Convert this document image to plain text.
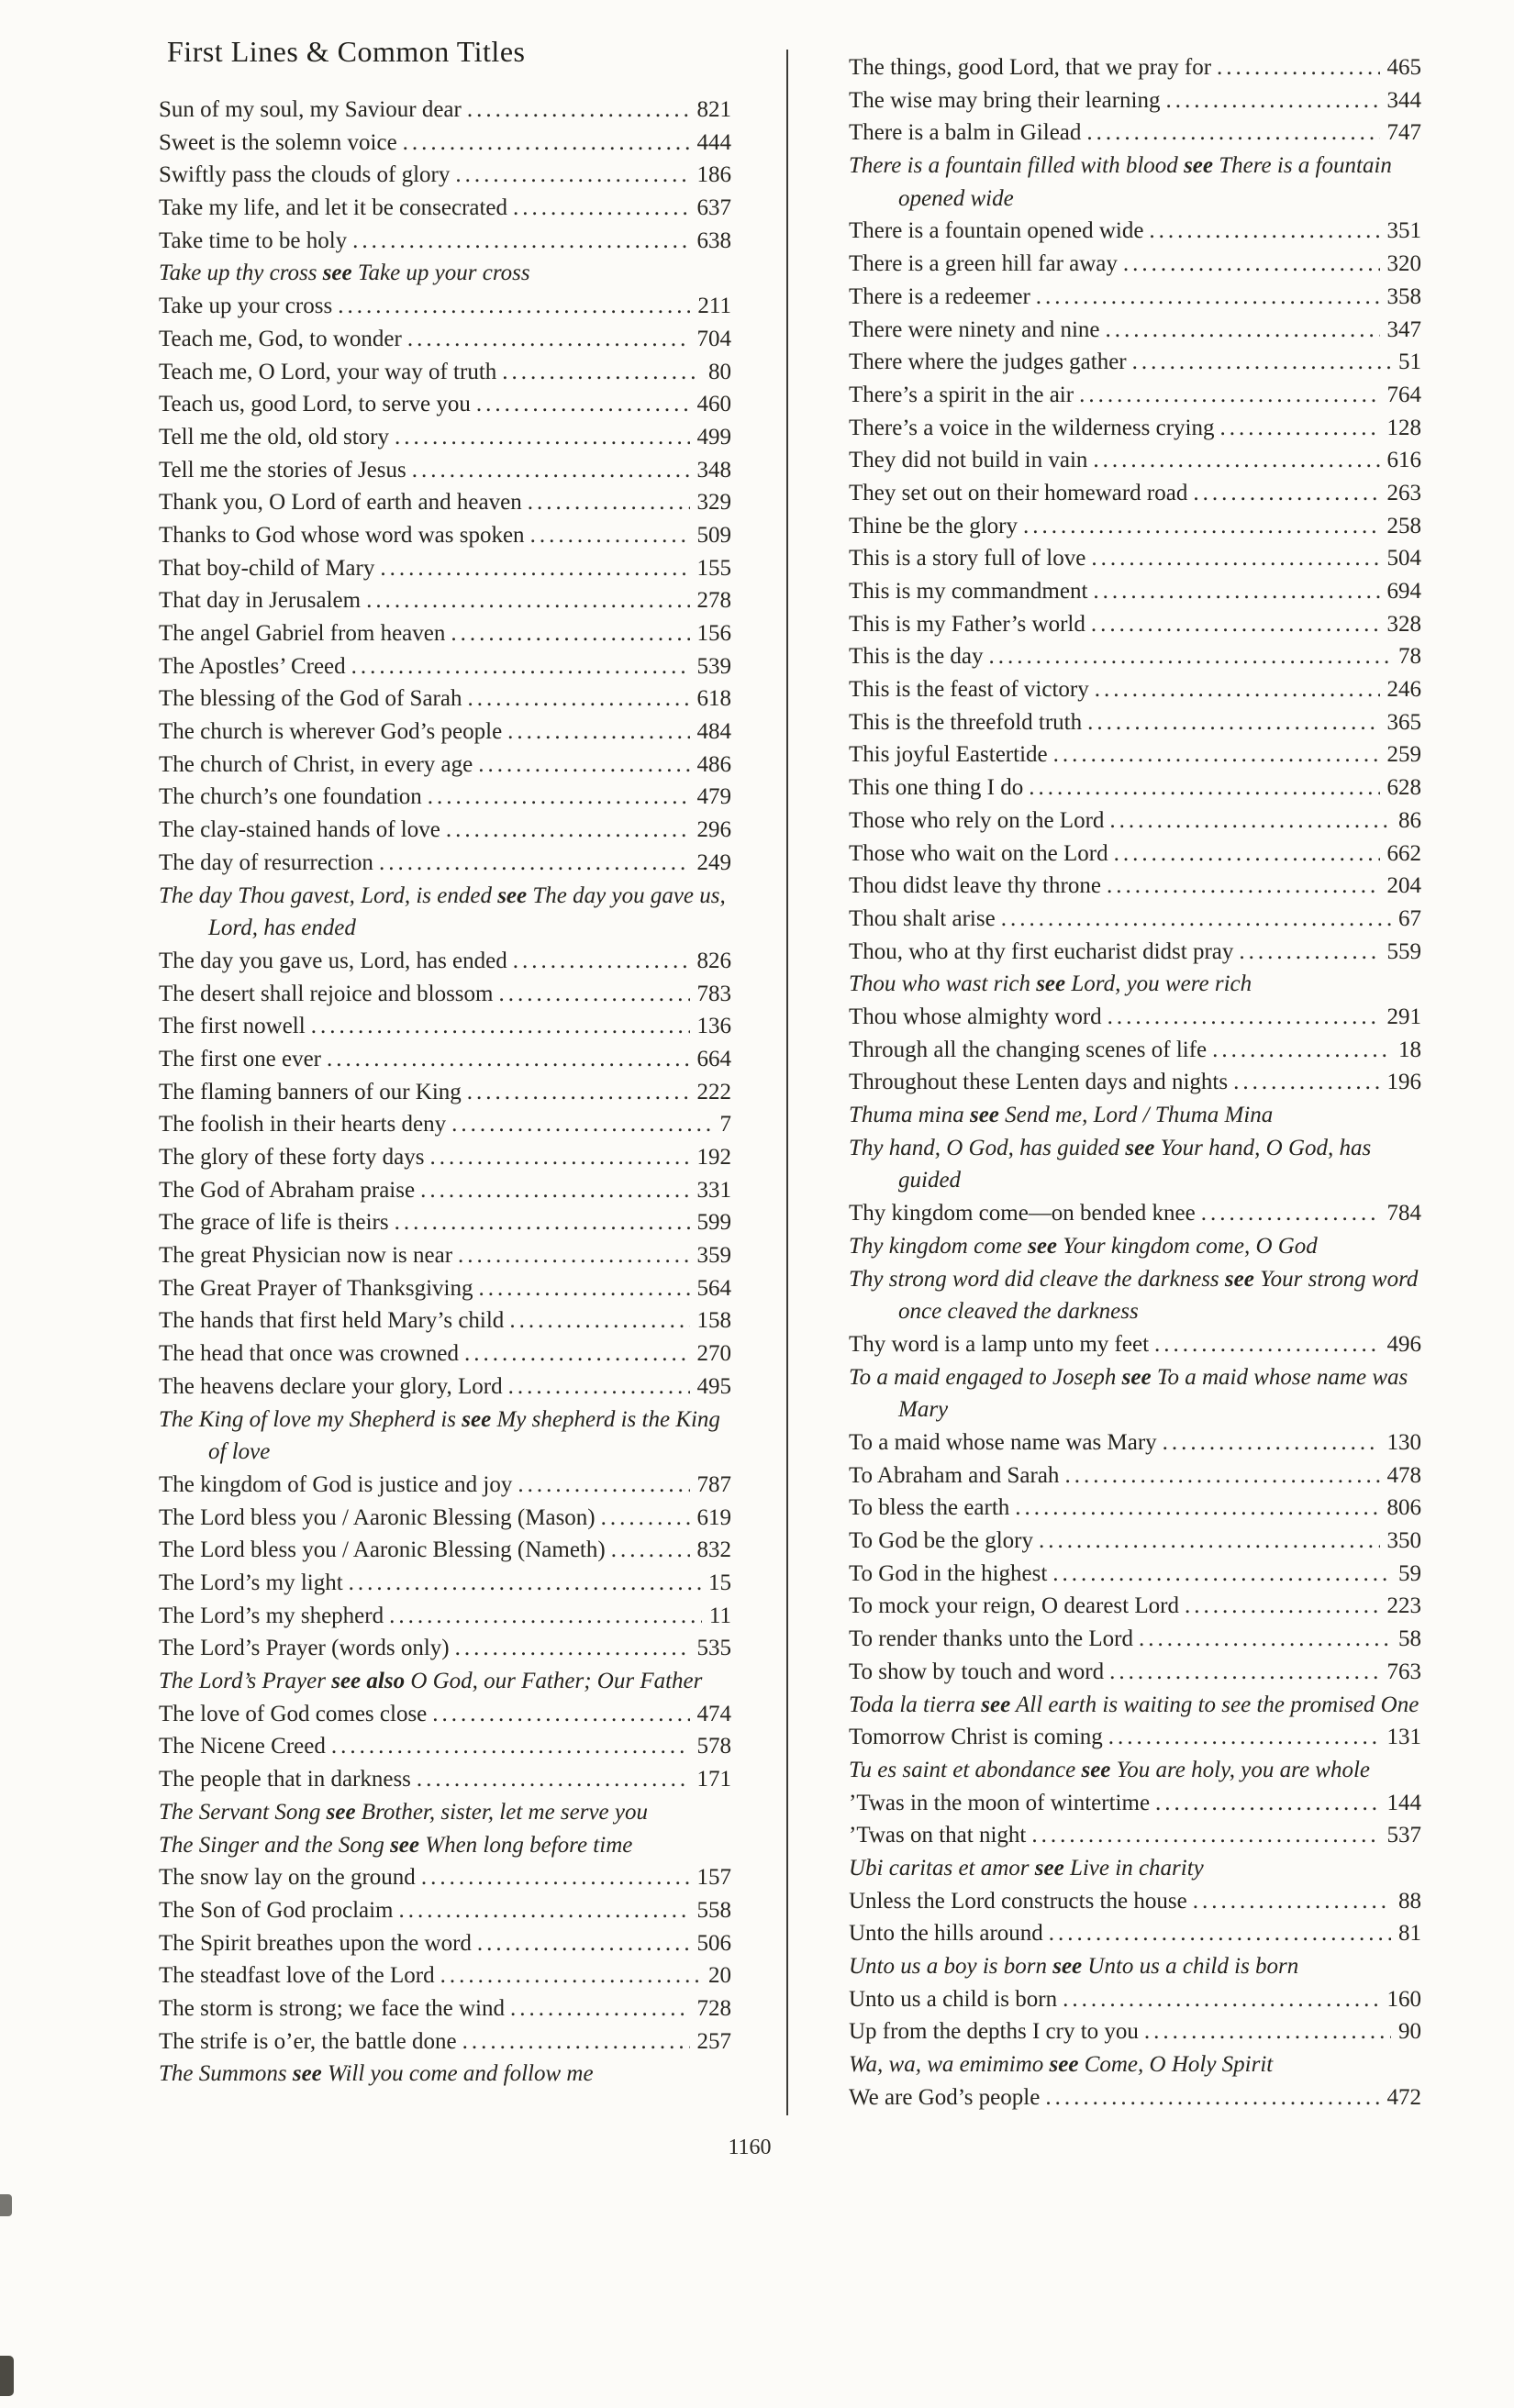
First Lines & Common Titles
Sun of my soul, my Saviour dear .....	821
Sweet is the solemn voice .....	444
Swiftly pass the clouds of glory .....	186
Take my life, and let it be consecrated .....	637
Take time to be holy .....	638
Take up thy cross see Take up your cross
Take up your cross .....	211
Teach me, God, to wonder .....	704
Teach me, O Lord, your way of truth .....	80
Teach us, good Lord, to serve you .....	460
Tell me the old, old story .....	499
Tell me the stories of Jesus .....	348
Thank you, O Lord of earth and heaven .....	329
Thanks to God whose word was spoken .....	509
That boy-child of Mary .....	155
That day in Jerusalem .....	278
The angel Gabriel from heaven .....	156
The Apostles’ Creed .....	539
The blessing of the God of Sarah .....	618
The church is wherever God’s people .....	484
The church of Christ, in every age .....	486
The church’s one foundation .....	479
The clay-stained hands of love .....	296
The day of resurrection .....	249
The day Thou gavest, Lord, is ended see The day you gave us, Lord, has ended
The day you gave us, Lord, has ended .....	826
The desert shall rejoice and blossom .....	783
The first nowell .....	136
The first one ever .....	664
The flaming banners of our King .....	222
The foolish in their hearts deny .....	7
The glory of these forty days .....	192
The God of Abraham praise .....	331
The grace of life is theirs .....	599
The great Physician now is near .....	359
The Great Prayer of Thanksgiving .....	564
The hands that first held Mary’s child .....	158
The head that once was crowned .....	270
The heavens declare your glory, Lord .....	495
The King of love my Shepherd is see My shepherd is the King of love
The kingdom of God is justice and joy .....	787
The Lord bless you / Aaronic Blessing (Mason) .....	619
The Lord bless you / Aaronic Blessing (Nameth) .....	832
The Lord’s my light .....	15
The Lord’s my shepherd .....	11
The Lord’s Prayer (words only) .....	535
The Lord’s Prayer see also O God, our Father; Our Father
The love of God comes close .....	474
The Nicene Creed .....	578
The people that in darkness .....	171
The Servant Song see Brother, sister, let me serve you
The Singer and the Song see When long before time
The snow lay on the ground .....	157
The Son of God proclaim .....	558
The Spirit breathes upon the word .....	506
The steadfast love of the Lord .....	20
The storm is strong; we face the wind .....	728
The strife is o’er, the battle done .....	257
The Summons see Will you come and follow me
The things, good Lord, that we pray for .....	465
The wise may bring their learning .....	344
There is a balm in Gilead .....	747
There is a fountain filled with blood see There is a fountain opened wide
There is a fountain opened wide .....	351
There is a green hill far away .....	320
There is a redeemer .....	358
There were ninety and nine .....	347
There where the judges gather .....	51
There’s a spirit in the air .....	764
There’s a voice in the wilderness crying .....	128
They did not build in vain .....	616
They set out on their homeward road .....	263
Thine be the glory .....	258
This is a story full of love .....	504
This is my commandment .....	694
This is my Father’s world .....	328
This is the day .....	78
This is the feast of victory .....	246
This is the threefold truth .....	365
This joyful Eastertide .....	259
This one thing I do .....	628
Those who rely on the Lord .....	86
Those who wait on the Lord .....	662
Thou didst leave thy throne .....	204
Thou shalt arise .....	67
Thou, who at thy first eucharist didst pray .....	559
Thou who wast rich see Lord, you were rich
Thou whose almighty word .....	291
Through all the changing scenes of life .....	18
Throughout these Lenten days and nights .....	196
Thuma mina see Send me, Lord / Thuma Mina
Thy hand, O God, has guided see Your hand, O God, has guided
Thy kingdom come—on bended knee .....	784
Thy kingdom come see Your kingdom come, O God
Thy strong word did cleave the darkness see Your strong word once cleaved the darkness
Thy word is a lamp unto my feet .....	496
To a maid engaged to Joseph see To a maid whose name was Mary
To a maid whose name was Mary .....	130
To Abraham and Sarah .....	478
To bless the earth .....	806
To God be the glory .....	350
To God in the highest .....	59
To mock your reign, O dearest Lord .....	223
To render thanks unto the Lord .....	58
To show by touch and word .....	763
Toda la tierra see All earth is waiting to see the promised One
Tomorrow Christ is coming .....	131
Tu es saint et abondance see You are holy, you are whole
’Twas in the moon of wintertime .....	144
’Twas on that night .....	537
Ubi caritas et amor see Live in charity
Unless the Lord constructs the house .....	88
Unto the hills around .....	81
Unto us a boy is born see Unto us a child is born
Unto us a child is born .....	160
Up from the depths I cry to you .....	90
Wa, wa, wa emimimo see Come, O Holy Spirit
We are God’s people .....	472
1160
